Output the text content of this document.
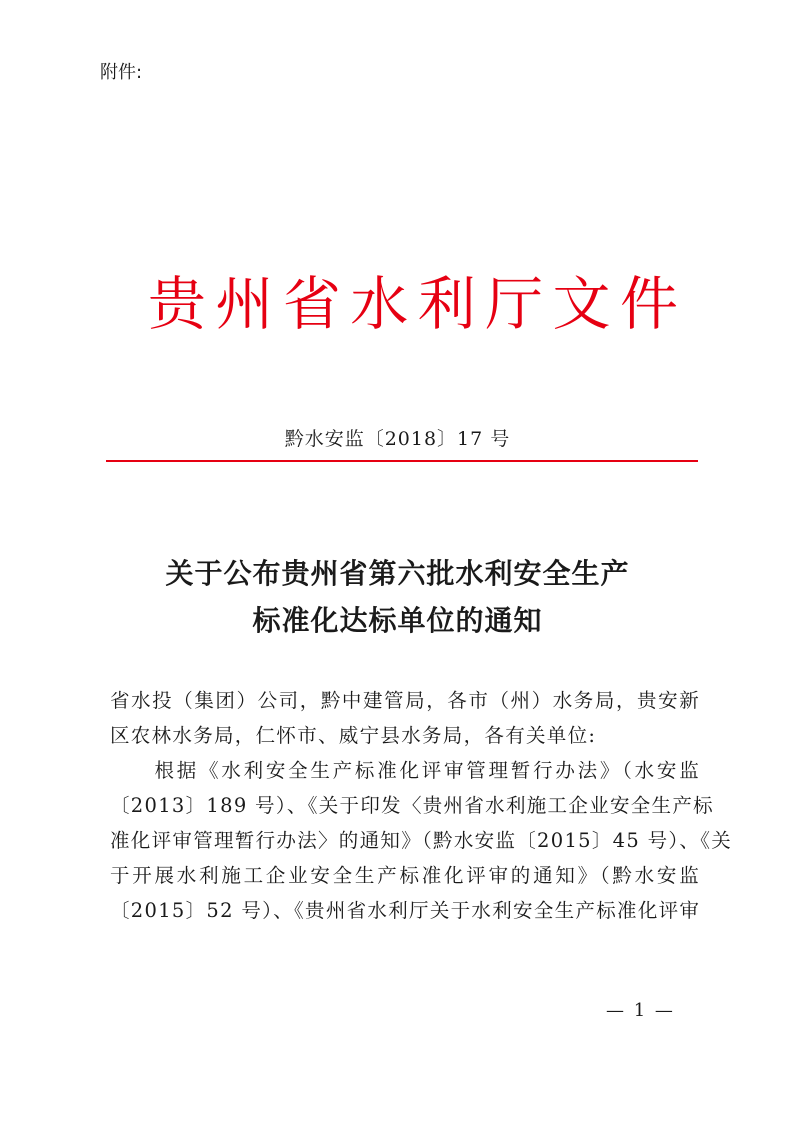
附件:
贵 州 省 水 利 厅 文 件
黔水安监〔2018〕17 号
关于公布贵州省第六批水利安全生产
标准化达标单位的通知
省水投（集团）公司，黔中建管局，各市（州）水务局，贵安新
区农林水务局，仁怀市、威宁县水务局，各有关单位:
　　根据《水利安全生产标准化评审管理暂行办法》（水安监
〔2013〕189 号）、《关于印发〈贵州省水利施工企业安全生产标
准化评审管理暂行办法〉的通知》（黔水安监〔2015〕45 号）、《关
于开展水利施工企业安全生产标准化评审的通知》（黔水安监
〔2015〕52 号）、《贵州省水利厅关于水利安全生产标准化评审
— 1 —
